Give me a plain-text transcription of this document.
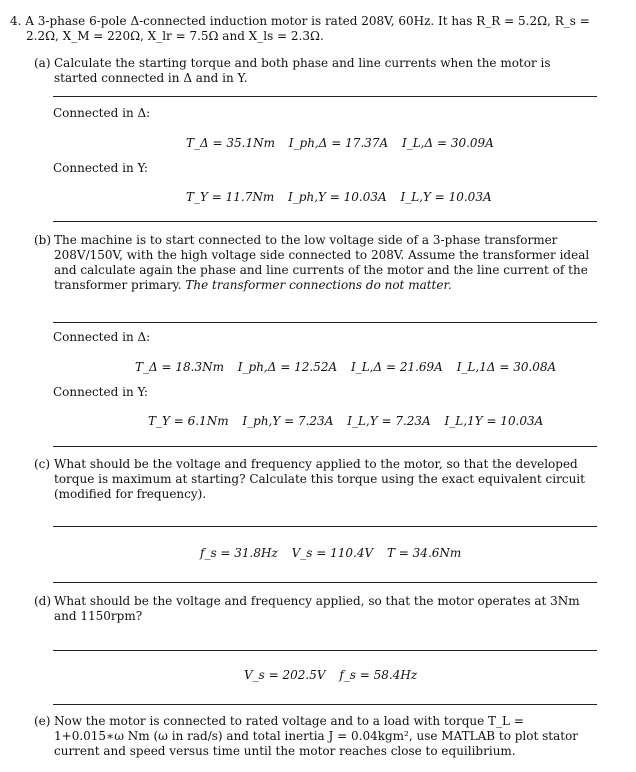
4. A 3-phase 6-pole Δ-connected induction motor is rated 208V, 60Hz. It has R_R = 5.2Ω, R_s =
2.2Ω, X_M = 220Ω, X_lr = 7.5Ω and X_ls = 2.3Ω.
(a) Calculate the starting torque and both phase and line currents when the motor is started connected in Δ and in Y.
Connected in Δ:
T_Δ = 35.1Nm I_ph,Δ = 17.37A I_L,Δ = 30.09A
Connected in Y:
T_Y = 11.7Nm I_ph,Y = 10.03A I_L,Y = 10.03A
(b) The machine is to start connected to the low voltage side of a 3-phase transformer 208V/150V, with the high voltage side connected to 208V. Assume the transformer ideal and calculate again the phase and line currents of the motor and the line current of the transformer primary. The transformer connections do not matter.
Connected in Δ:
T_Δ = 18.3Nm I_ph,Δ = 12.52A I_L,Δ = 21.69A I_L,1Δ = 30.08A
Connected in Y:
T_Y = 6.1Nm I_ph,Y = 7.23A I_L,Y = 7.23A I_L,1Y = 10.03A
(c) What should be the voltage and frequency applied to the motor, so that the developed torque is maximum at starting? Calculate this torque using the exact equivalent circuit (modified for frequency).
f_s = 31.8Hz V_s = 110.4V T = 34.6Nm
(d) What should be the voltage and frequency applied, so that the motor operates at 3Nm and 1150rpm?
V_s = 202.5V f_s = 58.4Hz
(e) Now the motor is connected to rated voltage and to a load with torque T_L = 1+0.015∗ω Nm (ω in rad/s) and total inertia J = 0.04kgm², use MATLAB to plot stator current and speed versus time until the motor reaches close to equilibrium.
